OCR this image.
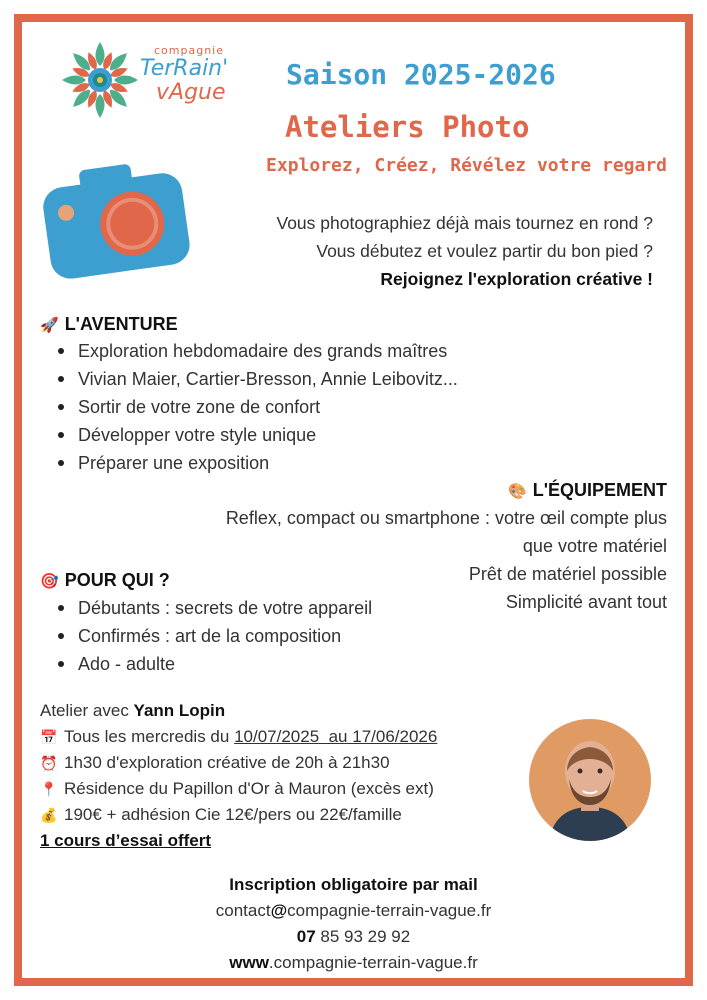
compagnie
TerRain'
vAgue
Saison 2025-2026
Ateliers Photo
Explorez, Créez, Révélez votre regard
Vous photographiez déjà mais tournez en rond ?
Vous débutez et voulez partir du bon pied ?
Rejoignez l'exploration créative !
🚀 L'AVENTURE
Exploration hebdomadaire des grands maîtres
Vivian Maier, Cartier-Bresson, Annie Leibovitz...
Sortir de votre zone de confort
Développer votre style unique
Préparer une exposition
🎨 L'ÉQUIPEMENT
Reflex, compact ou smartphone : votre œil compte plus
que votre matériel
Prêt de matériel possible
Simplicité avant tout
🎯 POUR QUI ?
Débutants : secrets de votre appareil
Confirmés : art de la composition
Ado - adulte
Atelier avec Yann Lopin
📅 Tous les mercredis du 10/07/2025  au 17/06/2026
⏰ 1h30 d'exploration créative de 20h à 21h30
📍 Résidence du Papillon d'Or à Mauron (excès ext)
💰 190€ + adhésion Cie 12€/pers ou 22€/famille
1 cours d’essai offert
Inscription obligatoire par mail
contact@compagnie-terrain-vague.fr
07 85 93 29 92
www.compagnie-terrain-vague.fr
